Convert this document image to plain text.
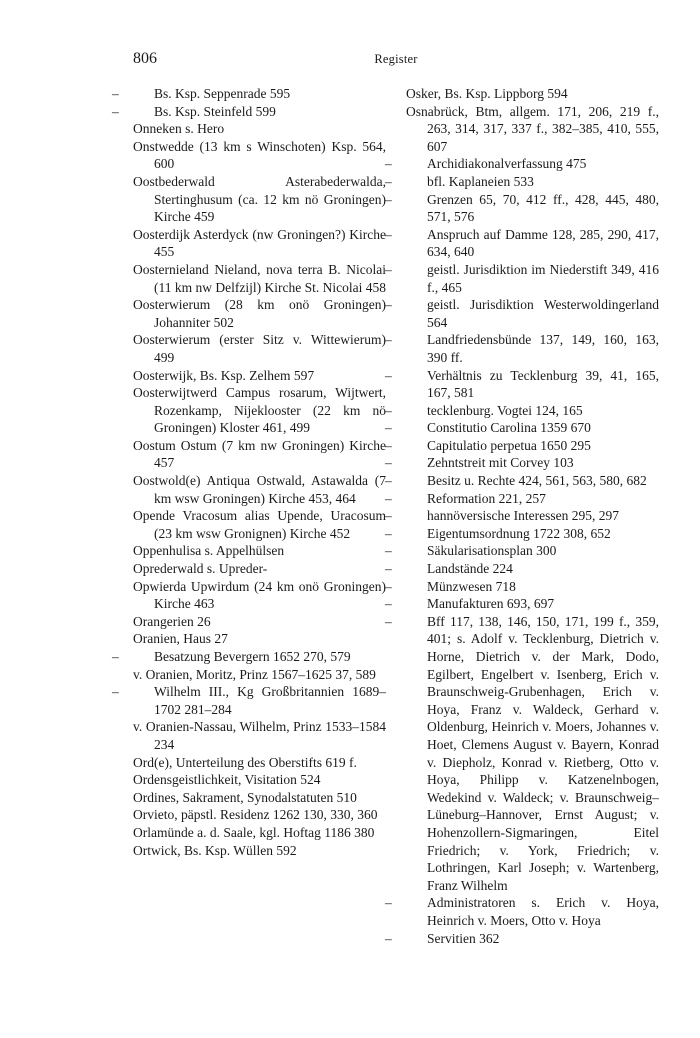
806	Register
–	Bs. Ksp. Seppenrade 595
–	Bs. Ksp. Steinfeld 599
Onneken s. Hero
Onstwedde (13 km s Winschoten) Ksp. 564, 600
Oostbederwald Asterabederwalda, Stertinghusum (ca. 12 km nö Groningen) Kirche 459
Oosterdijk Asterdyck (nw Groningen?) Kirche 455
Oosternieland Nieland, nova terra B. Nicolai (11 km nw Delfzijl) Kirche St. Nicolai 458
Oosterwierum (28 km onö Groningen) Johanniter 502
Oosterwierum (erster Sitz v. Wittewierum) 499
Oosterwijk, Bs. Ksp. Zelhem 597
Oosterwijtwerd Campus rosarum, Wijtwert, Rozenkamp, Nijeklooster (22 km nö Groningen) Kloster 461, 499
Oostum Ostum (7 km nw Groningen) Kirche 457
Oostwold(e) Antiqua Ostwald, Astawalda (7 km wsw Groningen) Kirche 453, 464
Opende Vracosum alias Upende, Uracosum (23 km wsw Gronignen) Kirche 452
Oppenhulisa s. Appelhülsen
Oprederwald s. Upreder-
Opwierda Upwirdum (24 km onö Groningen) Kirche 463
Orangerien 26
Oranien, Haus 27
–	Besatzung Bevergern 1652 270, 579
v. Oranien, Moritz, Prinz 1567–1625 37, 589
–	Wilhelm III., Kg Großbritannien 1689–1702 281–284
v. Oranien-Nassau, Wilhelm, Prinz 1533–1584 234
Ord(e), Unterteilung des Oberstifts 619 f.
Ordensgeistlichkeit, Visitation 524
Ordines, Sakrament, Synodalstatuten 510
Orvieto, päpstl. Residenz 1262 130, 330, 360
Orlamünde a. d. Saale, kgl. Hoftag 1186 380
Ortwick, Bs. Ksp. Wüllen 592
Osker, Bs. Ksp. Lippborg 594
Osnabrück, Btm, allgem. 171, 206, 219 f., 263, 314, 317, 337 f., 382–385, 410, 555, 607
–	Archidiakonalverfassung 475
–	bfl. Kaplaneien 533
–	Grenzen 65, 70, 412 ff., 428, 445, 480, 571, 576
–	Anspruch auf Damme 128, 285, 290, 417, 634, 640
–	geistl. Jurisdiktion im Niederstift 349, 416 f., 465
–	geistl. Jurisdiktion Westerwoldingerland 564
–	Landfriedensbünde 137, 149, 160, 163, 390 ff.
–	Verhältnis zu Tecklenburg 39, 41, 165, 167, 581
–	tecklenburg. Vogtei 124, 165
–	Constitutio Carolina 1359 670
–	Capitulatio perpetua 1650 295
–	Zehntstreit mit Corvey 103
–	Besitz u. Rechte 424, 561, 563, 580, 682
–	Reformation 221, 257
–	hannöversische Interessen 295, 297
–	Eigentumsordnung 1722 308, 652
–	Säkularisationsplan 300
–	Landstände 224
–	Münzwesen 718
–	Manufakturen 693, 697
–	Bff 117, 138, 146, 150, 171, 199 f., 359, 401; s. Adolf v. Tecklenburg, Dietrich v. Horne, Dietrich v. der Mark, Dodo, Egilbert, Engelbert v. Isenberg, Erich v. Braunschweig-Grubenhagen, Erich v. Hoya, Franz v. Waldeck, Gerhard v. Oldenburg, Heinrich v. Moers, Johannes v. Hoet, Clemens August v. Bayern, Konrad v. Diepholz, Konrad v. Rietberg, Otto v. Hoya, Philipp v. Katzenelnbogen, Wedekind v. Waldeck; v. Braunschweig–Lüneburg–Hannover, Ernst August; v. Hohenzollern-Sigmaringen, Eitel Friedrich; v. York, Friedrich; v. Lothringen, Karl Joseph; v. Wartenberg, Franz Wilhelm
–	Administratoren s. Erich v. Hoya, Heinrich v. Moers, Otto v. Hoya
–	Servitien 362
